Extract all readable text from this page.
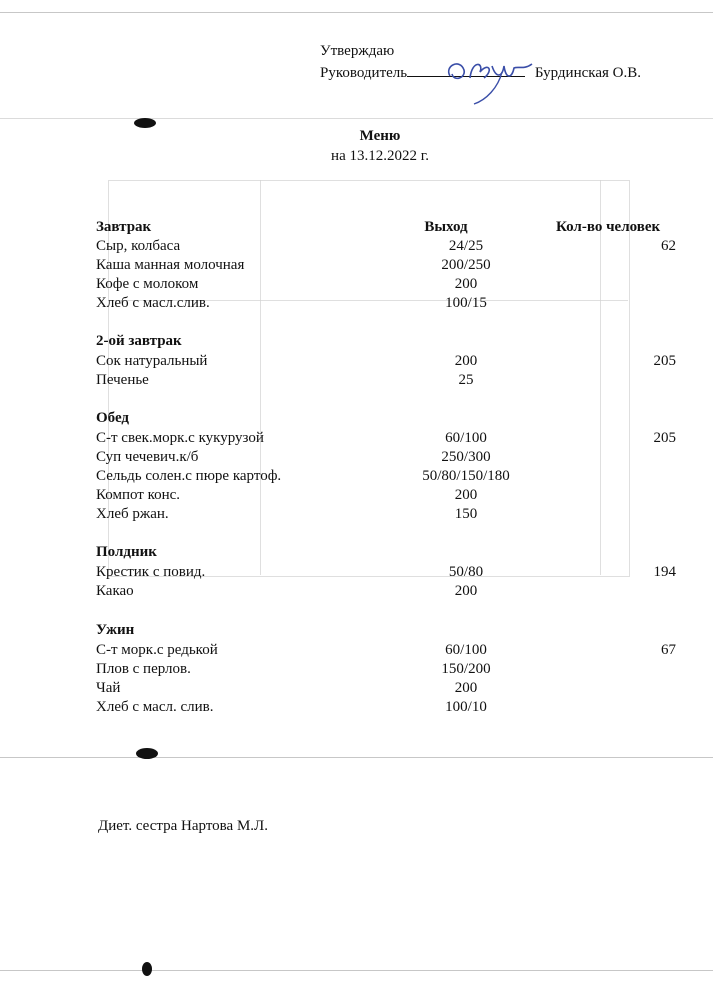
Утверждаю
Руководитель	Бурдинская О.В.
Меню
на 13.12.2022 г.
Завтрак	Выход	Кол-во человек
Сыр, колбаса	24/25	62
Каша манная молочная	200/250
Кофе с молоком	200
Хлеб с масл.слив.	100/15
2-ой завтрак
Сок натуральный	200	205
Печенье	25
Обед
С-т свек.морк.с кукурузой	60/100	205
Суп чечевич.к/б	250/300
Сельдь солен.с пюре картоф.	50/80/150/180
Компот конс.	200
Хлеб ржан.	150
Полдник
Крестик с повид.	50/80	194
Какао	200
Ужин
С-т морк.с редькой	60/100	67
Плов с перлов.	150/200
Чай	200
Хлеб с масл. слив.	100/10
Диет. сестра Нартова М.Л.
